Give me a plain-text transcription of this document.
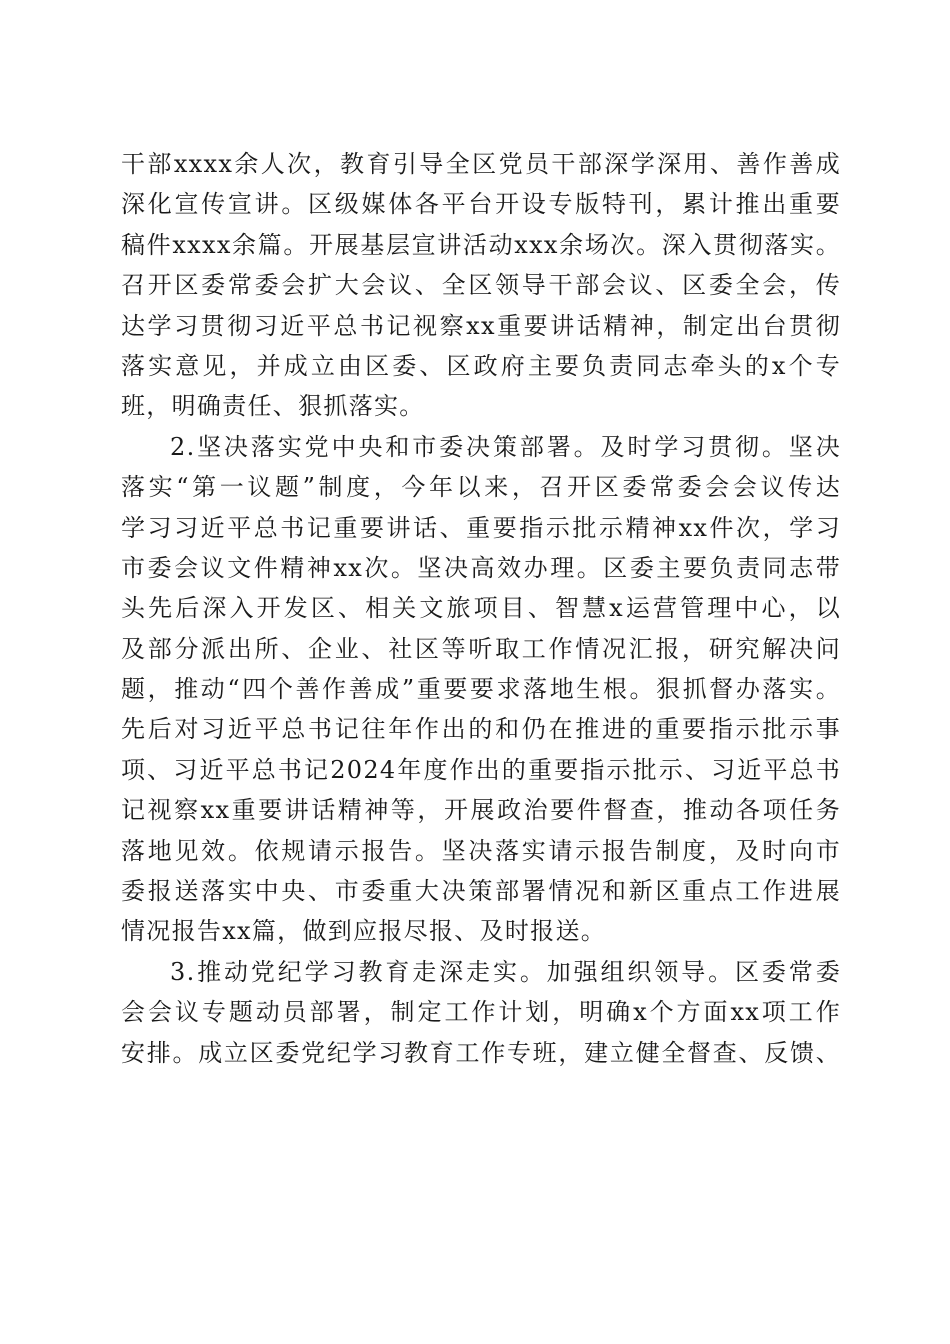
干部xxxx余人次，教育引导全区党员干部深学深用、善作善成
深化宣传宣讲。区级媒体各平台开设专版特刊，累计推出重要
稿件xxxx余篇。开展基层宣讲活动xxx余场次。深入贯彻落实。
召开区委常委会扩大会议、全区领导干部会议、区委全会，传
达学习贯彻习近平总书记视察xx重要讲话精神，制定出台贯彻
落实意见，并成立由区委、区政府主要负责同志牵头的x个专
班，明确责任、狠抓落实。
2.坚决落实党中央和市委决策部署。及时学习贯彻。坚决
落实“第一议题”制度，今年以来，召开区委常委会会议传达
学习习近平总书记重要讲话、重要指示批示精神xx件次，学习
市委会议文件精神xx次。坚决高效办理。区委主要负责同志带
头先后深入开发区、相关文旅项目、智慧x运营管理中心，以
及部分派出所、企业、社区等听取工作情况汇报，研究解决问
题，推动“四个善作善成”重要要求落地生根。狠抓督办落实。
先后对习近平总书记往年作出的和仍在推进的重要指示批示事
项、习近平总书记2024年度作出的重要指示批示、习近平总书
记视察xx重要讲话精神等，开展政治要件督查，推动各项任务
落地见效。依规请示报告。坚决落实请示报告制度，及时向市
委报送落实中央、市委重大决策部署情况和新区重点工作进展
情况报告xx篇，做到应报尽报、及时报送。
3.推动党纪学习教育走深走实。加强组织领导。区委常委
会会议专题动员部署，制定工作计划，明确x个方面xx项工作
安排。成立区委党纪学习教育工作专班，建立健全督查、反馈、
